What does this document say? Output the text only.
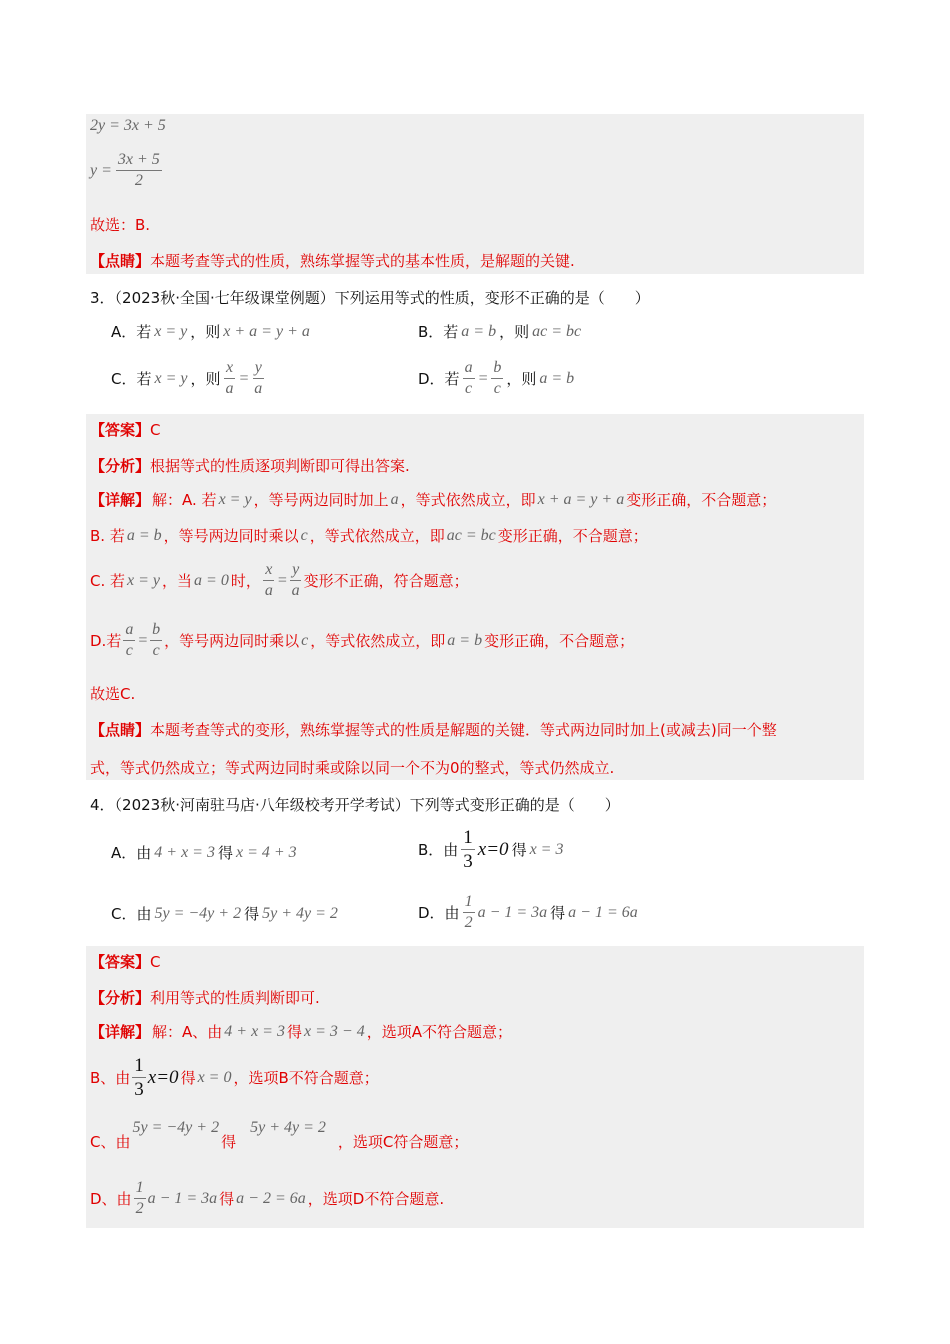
2y = 3x + 5
$y = \frac{3x + 5}{2}$
故选：B.
【点睛】本题考查等式的性质，熟练掌握等式的基本性质，是解题的关键.
3．（2023秋·全国·七年级课堂例题）下列运用等式的性质，变形不正确的是（　　）
A．若 x = y ，则 x + a = y + a	B．若 a = b ，则 ac = bc
C．若 x = y ，则 $\frac{x}{a} = \frac{y}{a}$	D．若 $\frac{a}{c} = \frac{b}{c}$ ，则 a = b
【答案】C
【分析】根据等式的性质逐项判断即可得出答案.
【详解】 解：A. 若 x = y ，等号两边同时加上 a ，等式依然成立，即 x + a = y + a 变形正确，不合题意；
B. 若 a = b ，等号两边同时乘以 c ，等式依然成立，即 ac = bc 变形正确，不合题意；
C. 若 x = y ，当 a = 0 时， $\frac{x}{a} = \frac{y}{a}$ 变形不正确，符合题意；
D.若 $\frac{a}{c} = \frac{b}{c}$ ，等号两边同时乘以 c ，等式依然成立，即 a = b 变形正确，不合题意；
故选C.
【点睛】本题考查等式的变形，熟练掌握等式的性质是解题的关键．等式两边同时加上(或减去)同一个整
式，等式仍然成立；等式两边同时乘或除以同一个不为0的整式，等式仍然成立.
4．（2023秋·河南驻马店·八年级校考开学考试）下列等式变形正确的是（　　）
A．由 4 + x = 3 得 x = 4 + 3	B．由 $\frac{1}{3} x=0$ 得 x = 3
C．由 5y = −4y + 2 得 5y + 4y = 2	D．由 $\frac{1}{2}$ a − 1 = 3a 得 a − 1 = 6a
【答案】C
【分析】利用等式的性质判断即可.
【详解】 解：A、由 4 + x = 3 得 x = 3 − 4 ，选项A不符合题意；
B、由 $\frac{1}{3} x=0$ 得 x = 0 ，选项B不符合题意；
C、由
5y = −4y + 2
得
5y + 4y = 2
，选项C符合题意；
D、由 $\frac{1}{2}$ a − 1 = 3a 得 a − 2 = 6a ，选项D不符合题意.
